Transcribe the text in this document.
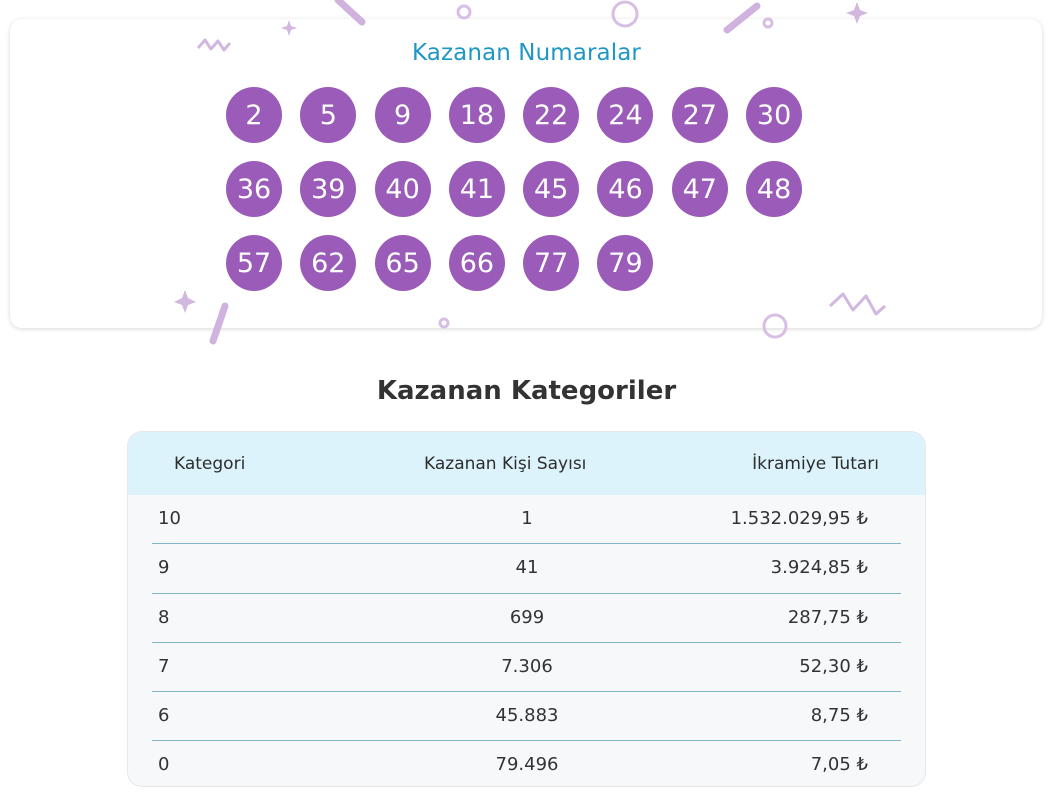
Kazanan Numaralar
2	5	9	18	22	24	27	30
36	39	40	41	45	46	47	48
57	62	65	66	77	79
Kazanan Kategoriler
Kategori	Kazanan Kişi Sayısı	İkramiye Tutarı
10	1	1.532.029,95 ₺
9	41	3.924,85 ₺
8	699	287,75 ₺
7	7.306	52,30 ₺
6	45.883	8,75 ₺
0	79.496	7,05 ₺
